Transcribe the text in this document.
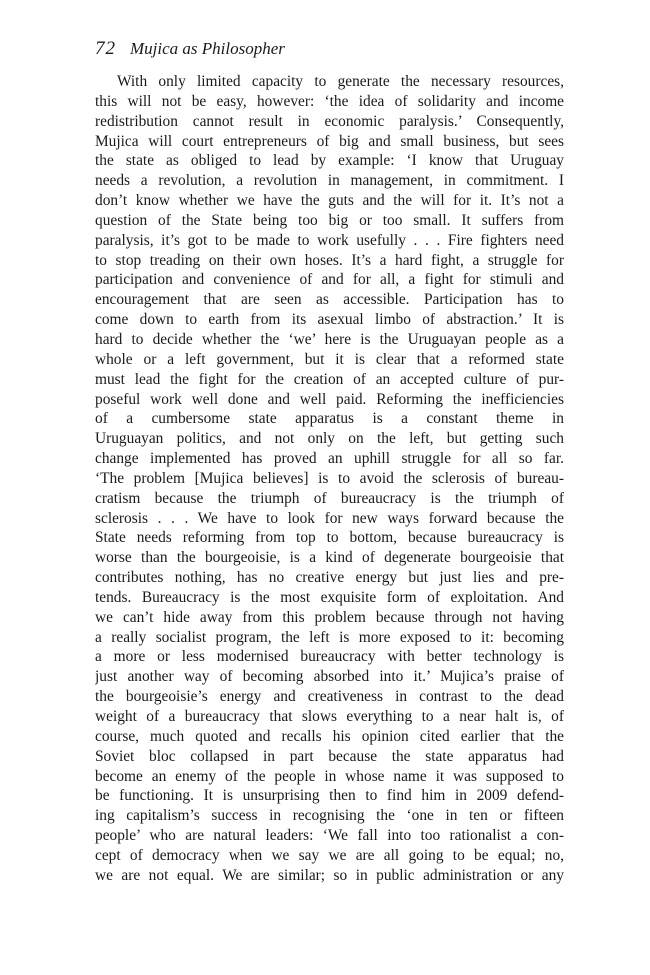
72 Mujica as Philosopher
With only limited capacity to generate the necessary resources,
this will not be easy, however: ‘the idea of solidarity and income
redistribution cannot result in economic paralysis.’ Consequently,
Mujica will court entrepreneurs of big and small business, but sees
the state as obliged to lead by example: ‘I know that Uruguay
needs a revolution, a revolution in management, in commitment. I
don’t know whether we have the guts and the will for it. It’s not a
question of the State being too big or too small. It suffers from
paralysis, it’s got to be made to work usefully . . . Fire fighters need
to stop treading on their own hoses. It’s a hard fight, a struggle for
participation and convenience of and for all, a fight for stimuli and
encouragement that are seen as accessible. Participation has to
come down to earth from its asexual limbo of abstraction.’ It is
hard to decide whether the ‘we’ here is the Uruguayan people as a
whole or a left government, but it is clear that a reformed state
must lead the fight for the creation of an accepted culture of pur-
poseful work well done and well paid. Reforming the inefficiencies
of a cumbersome state apparatus is a constant theme in
Uruguayan politics, and not only on the left, but getting such
change implemented has proved an uphill struggle for all so far.
‘The problem [Mujica believes] is to avoid the sclerosis of bureau-
cratism because the triumph of bureaucracy is the triumph of
sclerosis . . . We have to look for new ways forward because the
State needs reforming from top to bottom, because bureaucracy is
worse than the bourgeoisie, is a kind of degenerate bourgeoisie that
contributes nothing, has no creative energy but just lies and pre-
tends. Bureaucracy is the most exquisite form of exploitation. And
we can’t hide away from this problem because through not having
a really socialist program, the left is more exposed to it: becoming
a more or less modernised bureaucracy with better technology is
just another way of becoming absorbed into it.’ Mujica’s praise of
the bourgeoisie’s energy and creativeness in contrast to the dead
weight of a bureaucracy that slows everything to a near halt is, of
course, much quoted and recalls his opinion cited earlier that the
Soviet bloc collapsed in part because the state apparatus had
become an enemy of the people in whose name it was supposed to
be functioning. It is unsurprising then to find him in 2009 defend-
ing capitalism’s success in recognising the ‘one in ten or fifteen
people’ who are natural leaders: ‘We fall into too rationalist a con-
cept of democracy when we say we are all going to be equal; no,
we are not equal. We are similar; so in public administration or any
